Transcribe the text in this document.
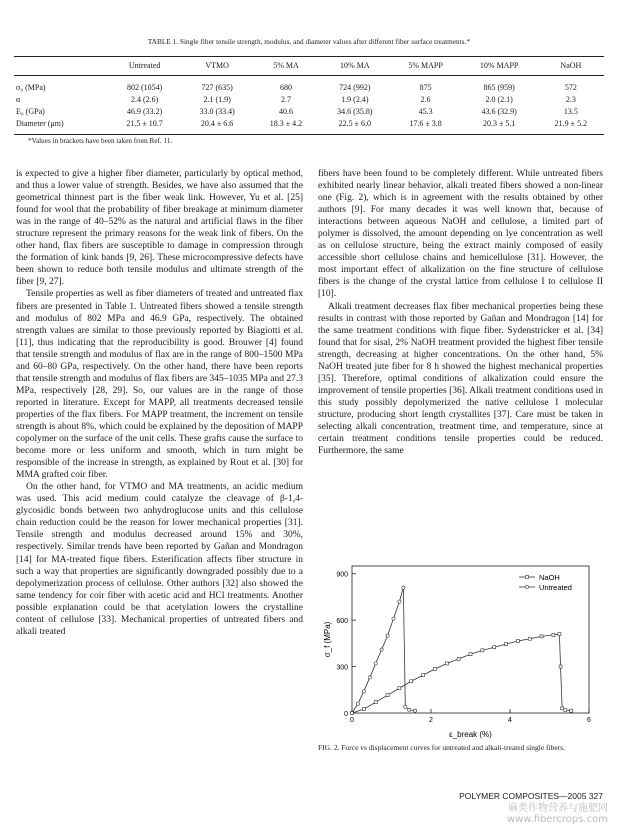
TABLE 1. Single fiber tensile strength, modulus, and diameter values after different fiber surface treatments.*
	Untreated	VTMO	5% MA	10% MA	5% MAPP	10% MAPP	NaOH
σ₀ (MPa)	802 (1054)	727 (635)	680	724 (992)	875	865 (959)	572
α	2.4 (2.6)	2.1 (1.9)	2.7	1.9 (2.4)	2.6	2.0 (2.1)	2.3
E₀ (GPa)	46.9 (33.2)	33.0 (33.4)	40.6	34.6 (35.8)	45.3	43.6 (32.9)	13.5
Diameter (μm)	21.5 ± 10.7	20.4 ± 6.6	18.3 ± 4.2	22.5 ± 6.0	17.6 ± 3.8	20.3 ± 5.1	21.9 ± 5.2
*Values in brackets have been taken from Ref. 11.

is expected to give a higher fiber diameter, particularly by optical method, and thus a lower value of strength. Besides, we have also assumed that the geometrical thinnest part is the fiber weak link. However, Yu et al. [25] found for wool that the probability of fiber breakage at minimum diameter was in the range of 40–52% as the natural and artificial flaws in the fiber structure represent the primary reasons for the weak link of fibers. On the other hand, flax fibers are susceptible to damage in compression through the formation of kink bands [9, 26]. These microcompressive defects have been shown to reduce both tensile modulus and ultimate strength of the fiber [9, 27].

Tensile properties as well as fiber diameters of treated and untreated flax fibers are presented in Table 1. Untreated fibers showed a tensile strength and modulus of 802 MPa and 46.9 GPa, respectively. The obtained strength values are similar to those previously reported by Biagiotti et al. [11], thus indicating that the reproducibility is good. Brouwer [4] found that tensile strength and modulus of flax are in the range of 800–1500 MPa and 60–80 GPa, respectively. On the other hand, there have been reports that tensile strength and modulus of flax fibers are 345–1035 MPa and 27.3 MPa, respectively [28, 29]. So, our values are in the range of those reported in literature. Except for MAPP, all treatments decreased tensile properties of the flax fibers. For MAPP treatment, the increment on tensile strength is about 8%, which could be explained by the deposition of MAPP copolymer on the surface of the unit cells. These grafts cause the surface to become more or less uniform and smooth, which in turn might be responsible of the increase in strength, as explained by Rout et al. [30] for MMA grafted coir fiber.

On the other hand, for VTMO and MA treatments, an acidic medium was used. This acid medium could catalyze the cleavage of β-1,4-glycosidic bonds between two anhydroglucose units and this cellulose chain reduction could be the reason for lower mechanical properties [31]. Tensile strength and modulus decreased around 15% and 30%, respectively. Similar trends have been reported by Gañan and Mondragon [14] for MA-treated fique fibers. Esterification affects fiber structure in such a way that properties are significantly downgraded possibly due to a depolymerization process of cellulose. Other authors [32] also showed the same tendency for coir fiber with acetic acid and HCl treatments. Another possible explanation could be that acetylation lowers the crystalline content of cellulose [33]. Mechanical properties of untreated fibers and alkali treated

fibers have been found to be completely different. While untreated fibers exhibited nearly linear behavior, alkali treated fibers showed a non-linear one (Fig. 2), which is in agreement with the results obtained by other authors [9]. For many decades it was well known that, because of interactions between aqueous NaOH and cellulose, a limited part of polymer is dissolved, the amount depending on lye concentration as well as on cellulose structure, being the extract mainly composed of easily accessible short cellulose chains and hemicellulose [31]. However, the most important effect of alkalization on the fine structure of cellulose fibers is the change of the crystal lattice from cellulose I to cellulose II [10].

Alkali treatment decreases flax fiber mechanical properties being these results in contrast with those reported by Gañan and Mondragon [14] for the same treatment conditions with fique fiber. Sydenstricker et al. [34] found that for sisal, 2% NaOH treatment provided the highest fiber tensile strength, decreasing at higher concentrations. On the other hand, 5% NaOH treated jute fiber for 8 h showed the highest mechanical properties [35]. Therefore, optimal conditions of alkalization could ensure the improvement of tensile properties [36]. Alkali treatment conditions used in this study possibly depolymerized the native cellulose I molecular structure, producing short length crystallites [37]. Care must be taken in selecting alkali concentration, treatment time, and temperature, since at certain treatment conditions tensile properties could be reduced. Furthermore, the same

0
300
600
900
0	2	4	6
ε_break (%)
σ_f (MPa)
NaOH
Untreated
FIG. 2. Force vs displacement curves for untreated and alkali-treated single fibers.
POLYMER COMPOSITES—2005 327
麻类作物营养与施肥网
www.fibercrops.com
